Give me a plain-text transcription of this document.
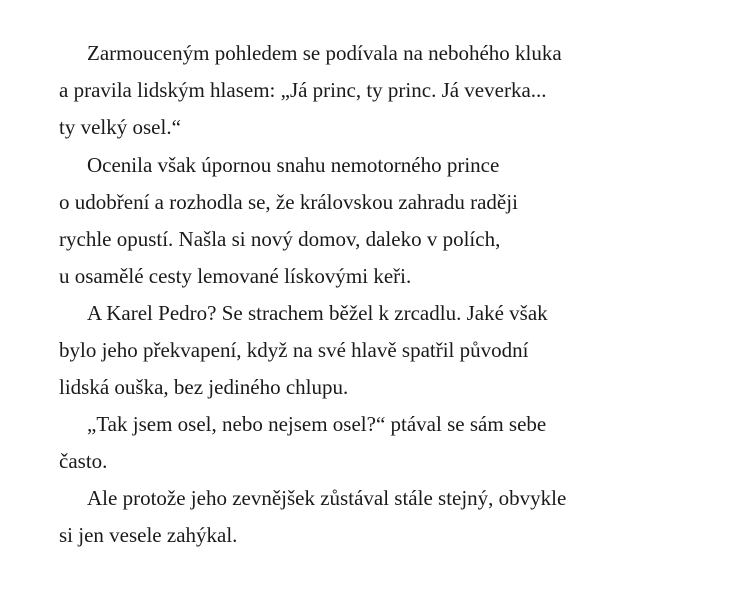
Zarmouceným pohledem se podívala na nebohého kluka
a pravila lidským hlasem: „Já princ, ty princ. Já veverka...
ty velký osel.“
Ocenila však úpornou snahu nemotorného prince
o udobření a rozhodla se, že královskou zahradu raději
rychle opustí. Našla si nový domov, daleko v polích,
u osamělé cesty lemované lískovými keři.
A Karel Pedro? Se strachem běžel k zrcadlu. Jaké však
bylo jeho překvapení, když na své hlavě spatřil původní
lidská ouška, bez jediného chlupu.
„Tak jsem osel, nebo nejsem osel?“ ptával se sám sebe
často.
Ale protože jeho zevnějšek zůstával stále stejný, obvykle
si jen vesele zahýkal.
